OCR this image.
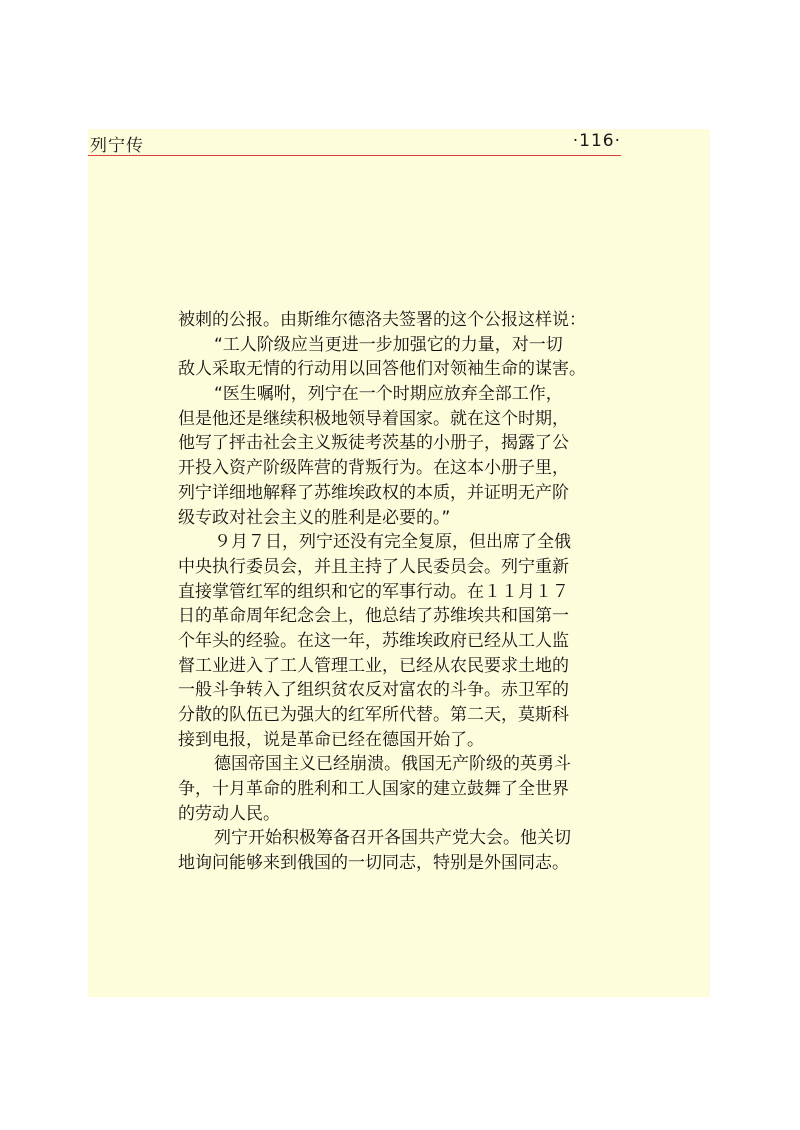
列宁传	·116·
被刺的公报。由斯维尔德洛夫签署的这个公报这样说：
“工人阶级应当更进一步加强它的力量，对一切
敌人采取无情的行动用以回答他们对领袖生命的谋害。
“医生嘱咐，列宁在一个时期应放弃全部工作，
但是他还是继续积极地领导着国家。就在这个时期，
他写了抨击社会主义叛徒考茨基的小册子，揭露了公
开投入资产阶级阵营的背叛行为。在这本小册子里，
列宁详细地解释了苏维埃政权的本质，并证明无产阶
级专政对社会主义的胜利是必要的。”
９月７日，列宁还没有完全复原，但出席了全俄
中央执行委员会，并且主持了人民委员会。列宁重新
直接掌管红军的组织和它的军事行动。在１１月１７
日的革命周年纪念会上，他总结了苏维埃共和国第一
个年头的经验。在这一年，苏维埃政府已经从工人监
督工业进入了工人管理工业，已经从农民要求土地的
一般斗争转入了组织贫农反对富农的斗争。赤卫军的
分散的队伍已为强大的红军所代替。第二天，莫斯科
接到电报，说是革命已经在德国开始了。
德国帝国主义已经崩溃。俄国无产阶级的英勇斗
争，十月革命的胜利和工人国家的建立鼓舞了全世界
的劳动人民。
列宁开始积极筹备召开各国共产党大会。他关切
地询问能够来到俄国的一切同志，特别是外国同志。
